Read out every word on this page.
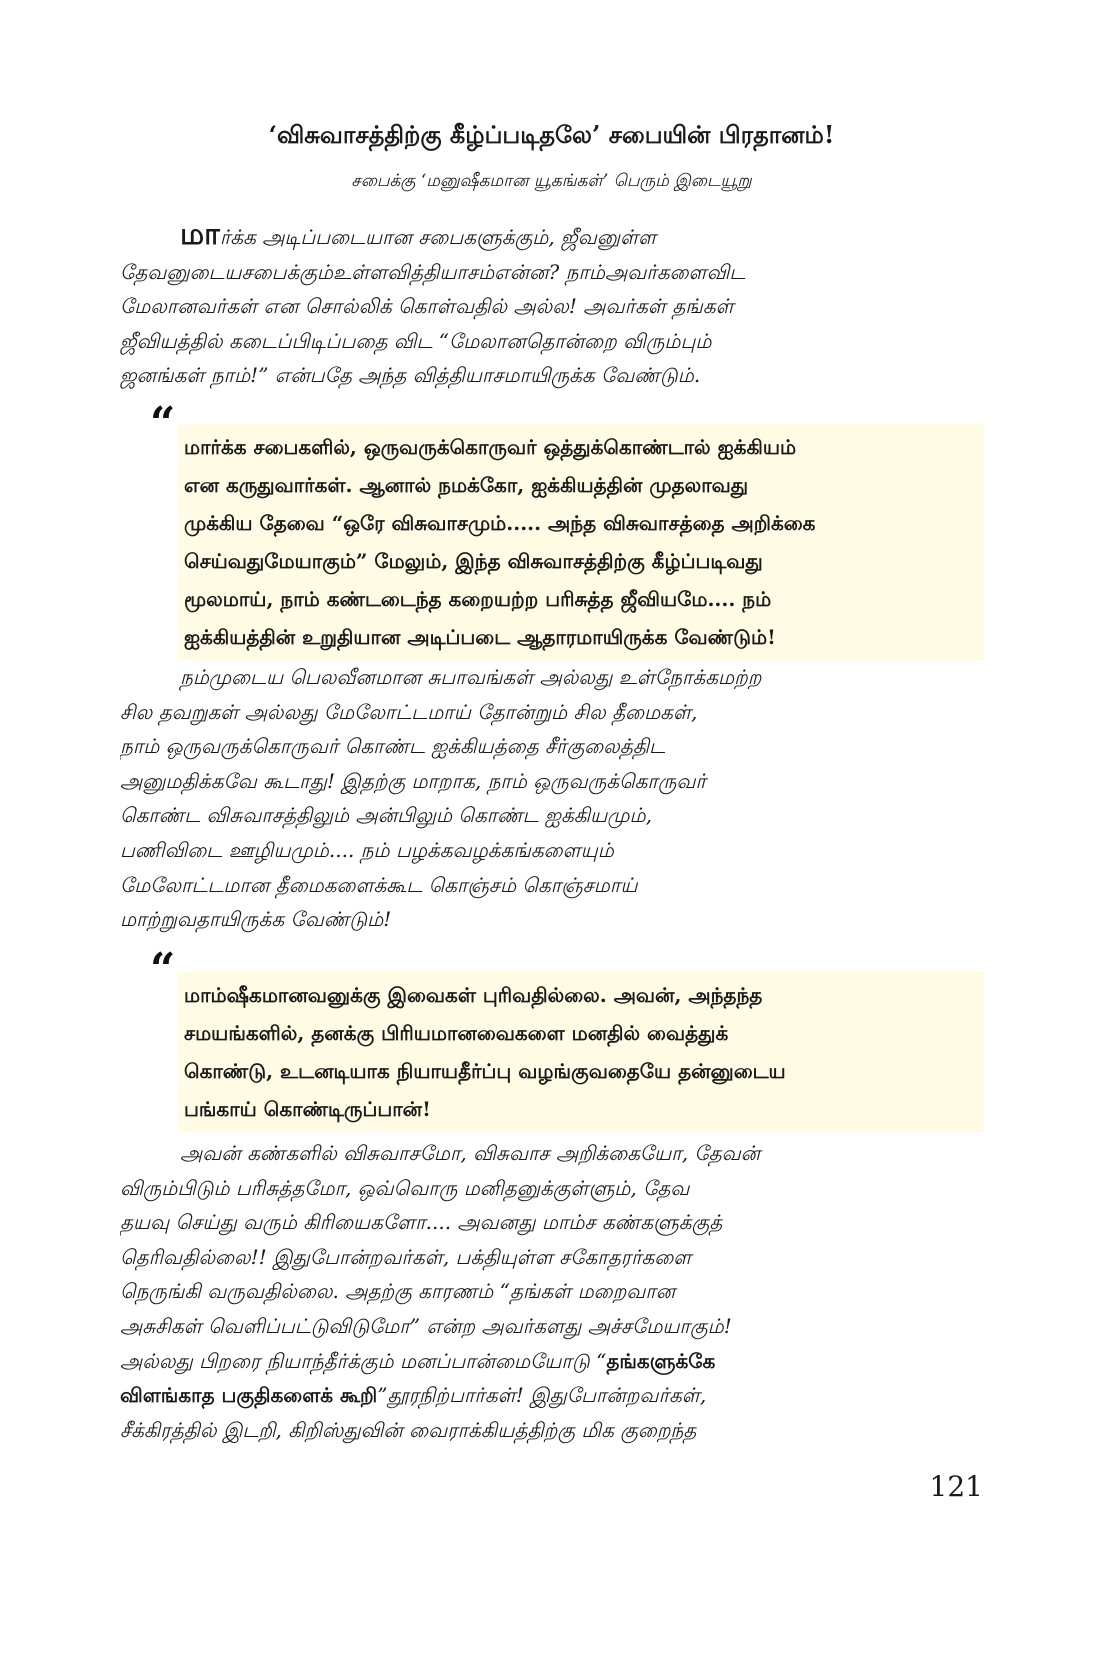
‘விசுவாசத்திற்கு கீழ்ப்படிதலே’ சபையின் பிரதானம்!
சபைக்கு ‘மனுஷீகமான யூகங்கள்’ பெரும் இடையூறு
மார்க்க அடிப்படையான சபைகளுக்கும், ஜீவனுள்ள
தேவனுடையசபைக்கும்உள்ளவித்தியாசம்என்ன? நாம்அவர்களைவிட
மேலானவர்கள் என சொல்லிக் கொள்வதில் அல்ல! அவர்கள் தங்கள்
ஜீவியத்தில் கடைப்பிடிப்பதை விட “மேலானதொன்றை விரும்பும்
ஜனங்கள் நாம்!” என்பதே அந்த வித்தியாசமாயிருக்க வேண்டும்.
“ மார்க்க சபைகளில், ஒருவருக்கொருவர் ஒத்துக்கொண்டால் ஐக்கியம்
என கருதுவார்கள். ஆனால் நமக்கோ, ஐக்கியத்தின் முதலாவது
முக்கிய தேவை “ஒரே விசுவாசமும்..... அந்த விசுவாசத்தை அறிக்கை
செய்வதுமேயாகும்” மேலும், இந்த விசுவாசத்திற்கு கீழ்ப்படிவது
மூலமாய், நாம் கண்டடைந்த கறையற்ற பரிசுத்த ஜீவியமே.... நம்
ஐக்கியத்தின் உறுதியான அடிப்படை ஆதாரமாயிருக்க வேண்டும்!
நம்முடைய பெலவீனமான சுபாவங்கள் அல்லது உள்நோக்கமற்ற
சில தவறுகள் அல்லது மேலோட்டமாய் தோன்றும் சில தீமைகள்,
நாம் ஒருவருக்கொருவர் கொண்ட ஐக்கியத்தை சீர்குலைத்திட
அனுமதிக்கவே கூடாது! இதற்கு மாறாக, நாம் ஒருவருக்கொருவர்
கொண்ட விசுவாசத்திலும் அன்பிலும் கொண்ட ஐக்கியமும்,
பணிவிடை ஊழியமும்.... நம் பழக்கவழக்கங்களையும்
மேலோட்டமான தீமைகளைக்கூட கொஞ்சம் கொஞ்சமாய்
மாற்றுவதாயிருக்க வேண்டும்!
“ மாம்ஷீகமானவனுக்கு இவைகள் புரிவதில்லை. அவன், அந்தந்த
சமயங்களில், தனக்கு பிரியமானவைகளை மனதில் வைத்துக்
கொண்டு, உடனடியாக நியாயதீர்ப்பு வழங்குவதையே தன்னுடைய
பங்காய் கொண்டிருப்பான்!
அவன் கண்களில் விசுவாசமோ, விசுவாச அறிக்கையோ, தேவன்
விரும்பிடும் பரிசுத்தமோ, ஒவ்வொரு மனிதனுக்குள்ளும், தேவ
தயவு செய்து வரும் கிரியைகளோ.... அவனது மாம்ச கண்களுக்குத்
தெரிவதில்லை!! இதுபோன்றவர்கள், பக்தியுள்ள சகோதரர்களை
நெருங்கி வருவதில்லை. அதற்கு காரணம் “தங்கள் மறைவான
அசுசிகள் வெளிப்பட்டுவிடுமோ” என்ற அவர்களது அச்சமேயாகும்!
அல்லது பிறரை நியாந்தீர்க்கும் மனப்பான்மையோடு “தங்களுக்கே
விளங்காத பகுதிகளைக் கூறி”தூரநிற்பார்கள்! இதுபோன்றவர்கள்,
சீக்கிரத்தில் இடறி, கிறிஸ்துவின் வைராக்கியத்திற்கு மிக குறைந்த
121
